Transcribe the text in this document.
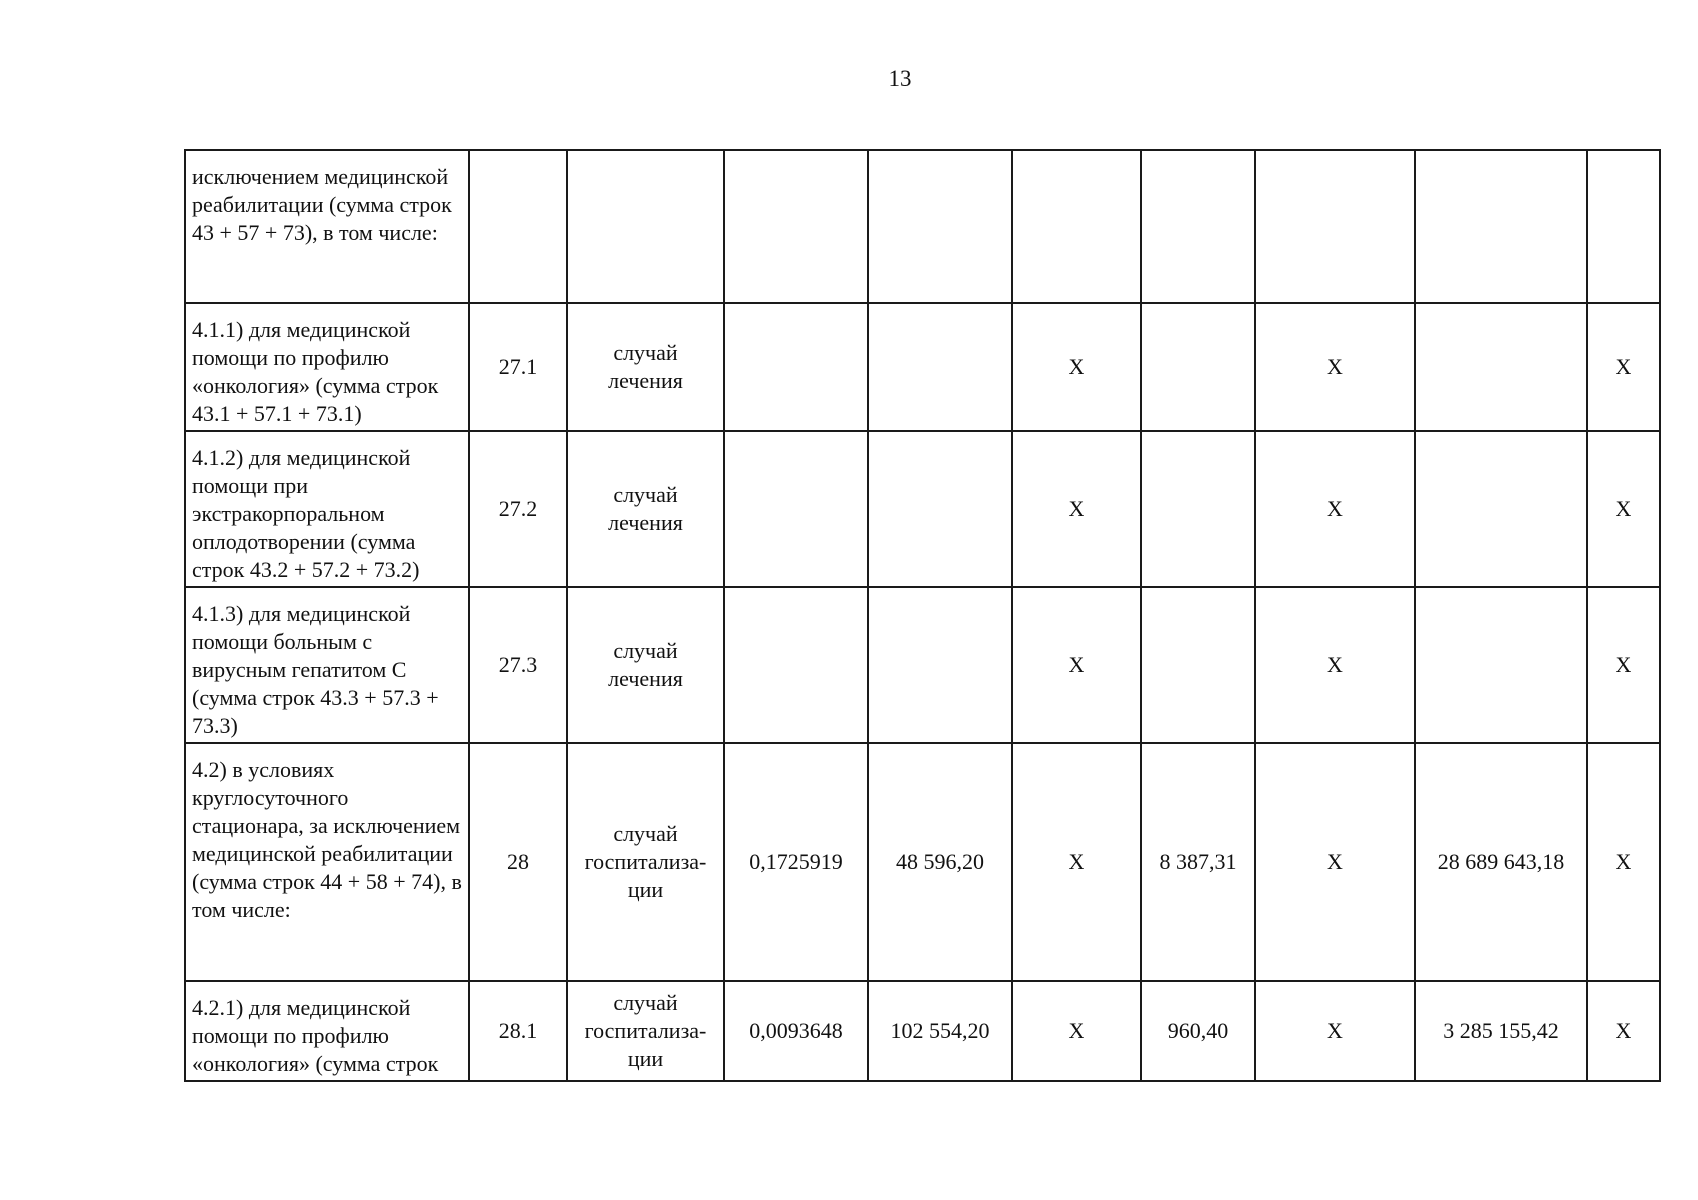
13
исключением медицинской реабилитации (сумма строк 43 + 57 + 73), в том числе:									
4.1.1) для медицинской помощи по профилю «онкология» (сумма строк 43.1 + 57.1 + 73.1)	27.1	случай лечения			X		X		X
4.1.2) для медицинской помощи при экстракорпоральном оплодотворении (сумма строк 43.2 + 57.2 + 73.2)	27.2	случай лечения			X		X		X
4.1.3) для медицинской помощи больным с вирусным гепатитом С (сумма строк 43.3 + 57.3 + 73.3)	27.3	случай лечения			X		X		X
4.2) в условиях круглосуточного стационара, за исключением медицинской реабилитации (сумма строк 44 + 58 + 74), в том числе:	28	случай госпитализа- ции	0,1725919	48 596,20	X	8 387,31	X	28 689 643,18	X
4.2.1) для медицинской помощи по профилю «онкология» (сумма строк	28.1	случай госпитализа- ции	0,0093648	102 554,20	X	960,40	X	3 285 155,42	X
